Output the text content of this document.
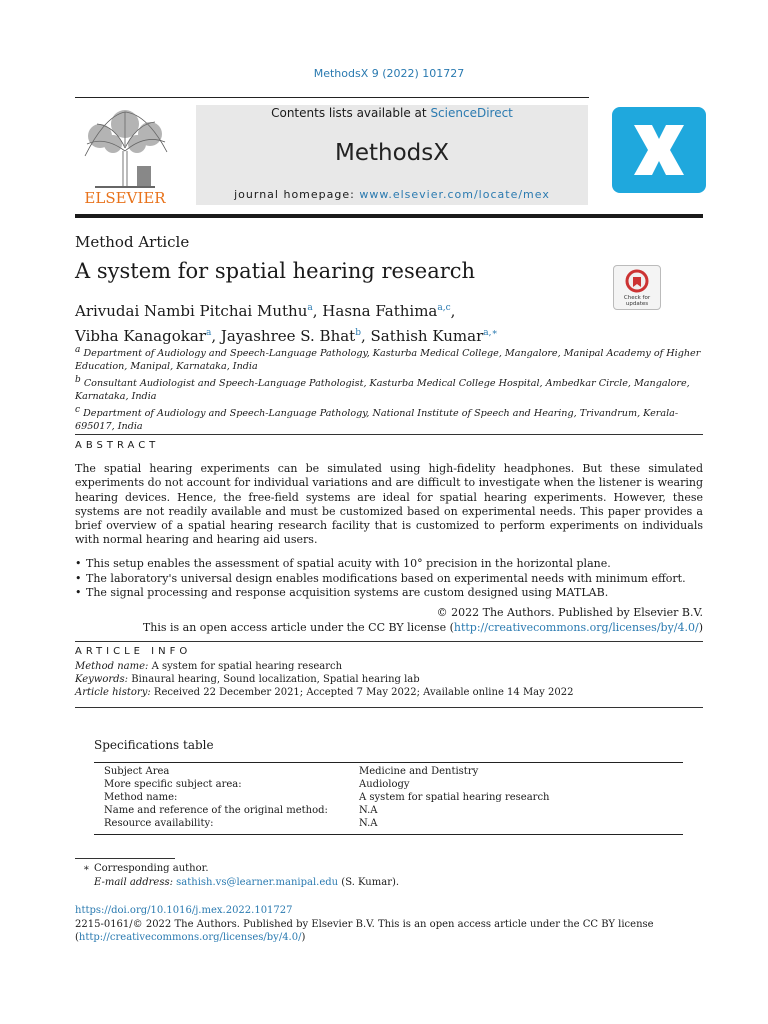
MethodsX 9 (2022) 101727
ELSEVIER
Contents lists available at ScienceDirect
MethodsX
journal homepage: www.elsevier.com/locate/mex
Method Article
A system for spatial hearing research
Check for
updates
Arivudai Nambi Pitchai Muthu$^a$, Hasna Fathima$^{a,c}$,
Vibha Kanagokar$^a$, Jayashree S. Bhat$^b$, Sathish Kumar$^{a,∗}$
$^a$ Department of Audiology and Speech-Language Pathology, Kasturba Medical College, Mangalore, Manipal Academy of Higher Education, Manipal, Karnataka, India
$^b$ Consultant Audiologist and Speech-Language Pathologist, Kasturba Medical College Hospital, Ambedkar Circle, Mangalore, Karnataka, India
$^c$ Department of Audiology and Speech-Language Pathology, National Institute of Speech and Hearing, Trivandrum, Kerala-695017, India
ABSTRACT
The spatial hearing experiments can be simulated using high-fidelity headphones. But these simulated experiments do not account for individual variations and are difficult to investigate when the listener is wearing hearing devices. Hence, the free-field systems are ideal for spatial hearing experiments. However, these systems are not readily available and must be customized based on experimental needs. This paper provides a brief overview of a spatial hearing research facility that is customized to perform experiments on individuals with normal hearing and hearing aid users.
• This setup enables the assessment of spatial acuity with 10° precision in the horizontal plane.
• The laboratory's universal design enables modifications based on experimental needs with minimum effort.
• The signal processing and response acquisition systems are custom designed using MATLAB.
© 2022 The Authors. Published by Elsevier B.V.
This is an open access article under the CC BY license (http://creativecommons.org/licenses/by/4.0/)
ARTICLE INFO
Method name: A system for spatial hearing research
Keywords: Binaural hearing, Sound localization, Spatial hearing lab
Article history: Received 22 December 2021; Accepted 7 May 2022; Available online 14 May 2022
Specifications table
Subject Area	Medicine and Dentistry
More specific subject area:	Audiology
Method name:	A system for spatial hearing research
Name and reference of the original method:	N.A
Resource availability:	N.A
∗ Corresponding author.
E-mail address: sathish.vs@learner.manipal.edu (S. Kumar).
https://doi.org/10.1016/j.mex.2022.101727
2215-0161/© 2022 The Authors. Published by Elsevier B.V. This is an open access article under the CC BY license
(http://creativecommons.org/licenses/by/4.0/)
